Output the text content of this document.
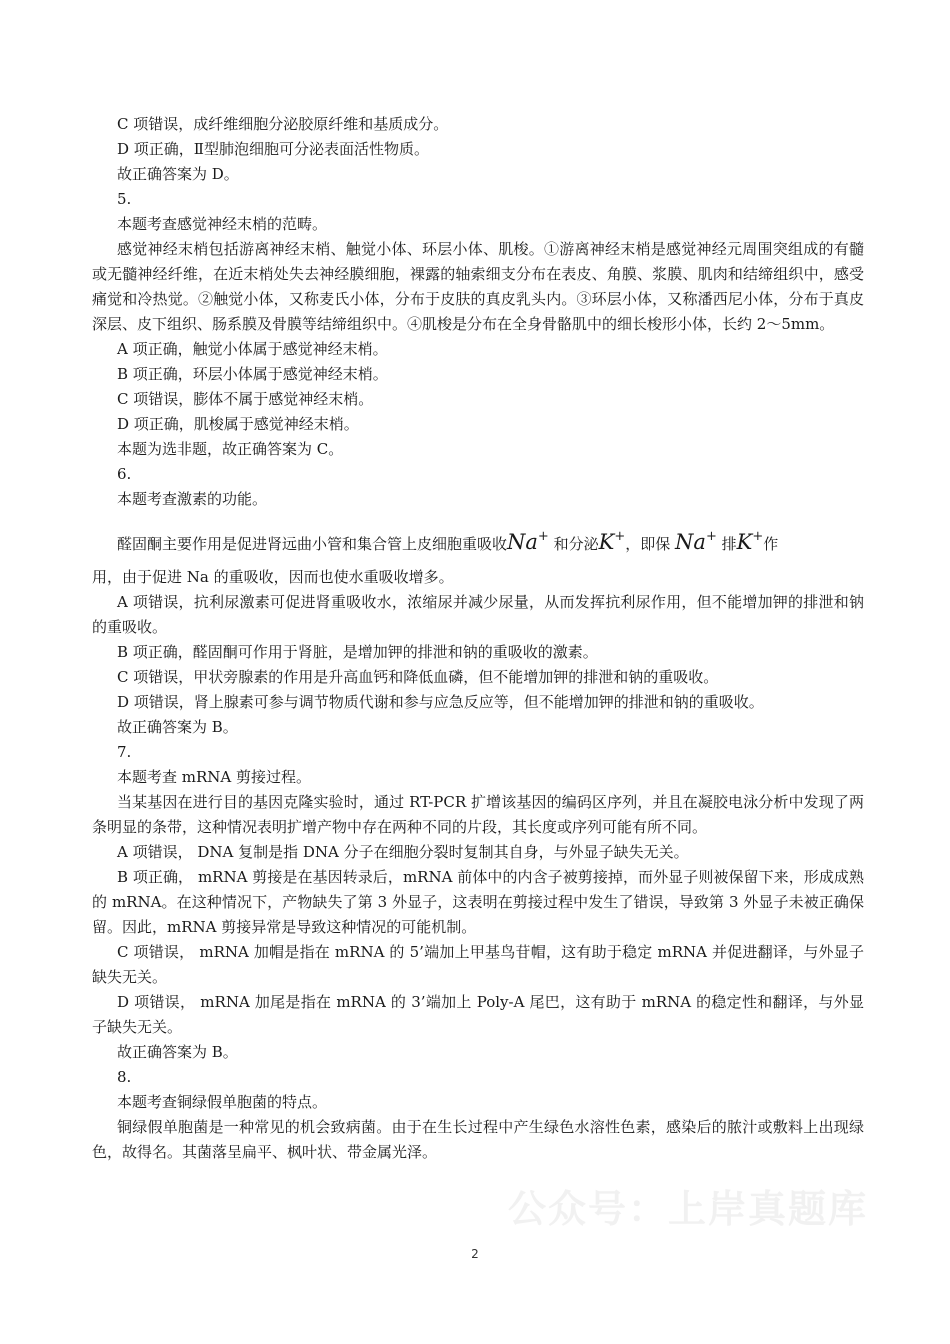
C 项错误，成纤维细胞分泌胶原纤维和基质成分。

D 项正确，Ⅱ型肺泡细胞可分泌表面活性物质。

故正确答案为 D。

5.

本题考查感觉神经末梢的范畴。

感觉神经末梢包括游离神经末梢、触觉小体、环层小体、肌梭。①游离神经末梢是感觉神经元周围突组成的有髓或无髓神经纤维，在近末梢处失去神经膜细胞，裸露的轴索细支分布在表皮、角膜、浆膜、肌肉和结缔组织中，感受痛觉和冷热觉。②触觉小体，又称麦氏小体，分布于皮肤的真皮乳头内。③环层小体，又称潘西尼小体，分布于真皮深层、皮下组织、肠系膜及骨膜等结缔组织中。④肌梭是分布在全身骨骼肌中的细长梭形小体，长约 2～5mm。

A 项正确，触觉小体属于感觉神经末梢。

B 项正确，环层小体属于感觉神经末梢。

C 项错误，膨体不属于感觉神经末梢。

D 项正确，肌梭属于感觉神经末梢。

本题为选非题，故正确答案为 C。

6.

本题考查激素的功能。

醛固酮主要作用是促进肾远曲小管和集合管上皮细胞重吸收Na+ 和分泌K+，即保 Na+ 排K+作

用，由于促进 Na 的重吸收，因而也使水重吸收增多。

A 项错误，抗利尿激素可促进肾重吸收水，浓缩尿并减少尿量，从而发挥抗利尿作用，但不能增加钾的排泄和钠的重吸收。

B 项正确，醛固酮可作用于肾脏，是增加钾的排泄和钠的重吸收的激素。

C 项错误，甲状旁腺素的作用是升高血钙和降低血磷，但不能增加钾的排泄和钠的重吸收。

D 项错误，肾上腺素可参与调节物质代谢和参与应急反应等，但不能增加钾的排泄和钠的重吸收。

故正确答案为 B。

7.

本题考查 mRNA 剪接过程。

当某基因在进行目的基因克隆实验时，通过 RT-PCR 扩增该基因的编码区序列，并且在凝胶电泳分析中发现了两条明显的条带，这种情况表明扩增产物中存在两种不同的片段，其长度或序列可能有所不同。

A 项错误， DNA 复制是指 DNA 分子在细胞分裂时复制其自身，与外显子缺失无关。

B 项正确， mRNA 剪接是在基因转录后，mRNA 前体中的内含子被剪接掉，而外显子则被保留下来，形成成熟的 mRNA。在这种情况下，产物缺失了第 3 外显子，这表明在剪接过程中发生了错误，导致第 3 外显子未被正确保留。因此，mRNA 剪接异常是导致这种情况的可能机制。

C 项错误， mRNA 加帽是指在 mRNA 的 5’端加上甲基鸟苷帽，这有助于稳定 mRNA 并促进翻译，与外显子缺失无关。

D 项错误， mRNA 加尾是指在 mRNA 的 3’端加上 Poly-A 尾巴，这有助于 mRNA 的稳定性和翻译，与外显子缺失无关。

故正确答案为 B。

8.

本题考查铜绿假单胞菌的特点。

铜绿假单胞菌是一种常见的机会致病菌。由于在生长过程中产生绿色水溶性色素，感染后的脓汁或敷料上出现绿色，故得名。其菌落呈扁平、枫叶状、带金属光泽。

公众号：上岸真题库
2
